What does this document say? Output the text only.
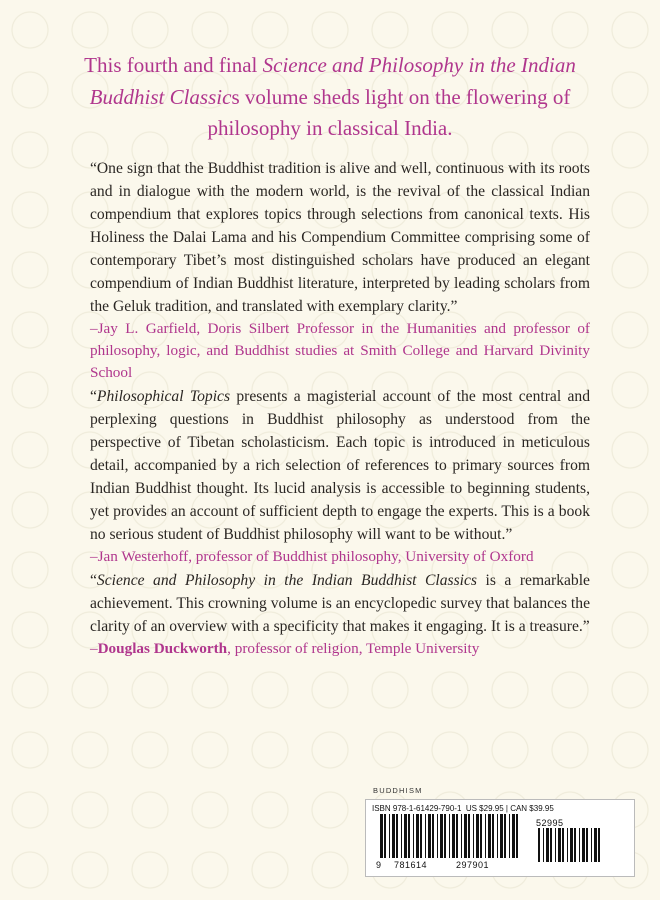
This fourth and final Science and Philosophy in the Indian Buddhist Classics volume sheds light on the flowering of philosophy in classical India.

“One sign that the Buddhist tradition is alive and well, continuous with its roots and in dialogue with the modern world, is the revival of the classical Indian compendium that explores topics through selections from canonical texts. His Holiness the Dalai Lama and his Compendium Committee comprising some of contemporary Tibet’s most distinguished scholars have produced an elegant compendium of Indian Buddhist literature, interpreted by leading scholars from the Geluk tradition, and translated with exemplary clarity.”

–Jay L. Garfield, Doris Silbert Professor in the Humanities and professor of philosophy, logic, and Buddhist studies at Smith College and Harvard Divinity School

“Philosophical Topics presents a magisterial account of the most central and perplexing questions in Buddhist philosophy as understood from the perspective of Tibetan scholasticism. Each topic is introduced in meticulous detail, accompanied by a rich selection of references to primary sources from Indian Buddhist thought. Its lucid analysis is accessible to beginning students, yet provides an account of sufficient depth to engage the experts. This is a book no serious student of Buddhist philosophy will want to be without.”

–Jan Westerhoff, professor of Buddhist philosophy, University of Oxford

“Science and Philosophy in the Indian Buddhist Classics is a remarkable achievement. This crowning volume is an encyclopedic survey that balances the clarity of an overview with a specificity that makes it engaging. It is a treasure.”

–Douglas Duckworth, professor of religion, Temple University
BUDDHISM
ISBN 978-1-61429-790-1 US $29.95 | CAN $39.95
52995
9 781614	297901
